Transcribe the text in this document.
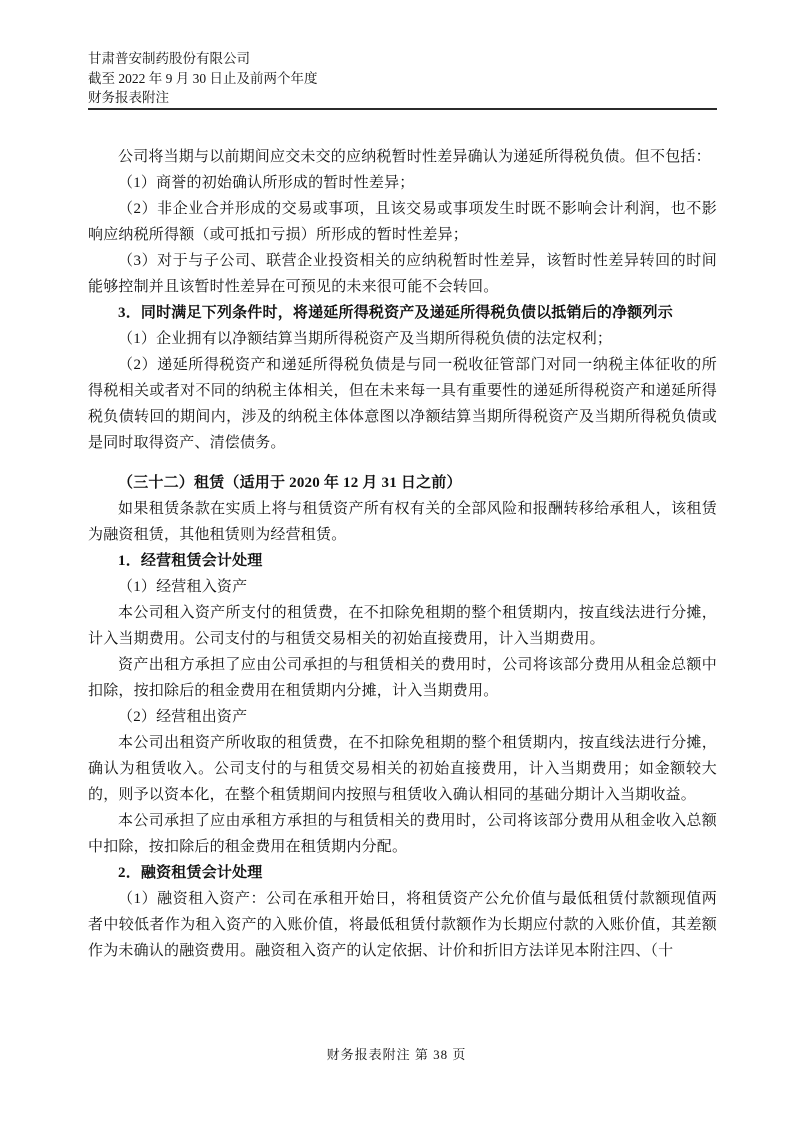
甘肃普安制药股份有限公司
截至 2022 年 9 月 30 日止及前两个年度
财务报表附注

公司将当期与以前期间应交未交的应纳税暂时性差异确认为递延所得税负债。但不包括：

（1）商誉的初始确认所形成的暂时性差异；

（2）非企业合并形成的交易或事项，且该交易或事项发生时既不影响会计利润，也不影响应纳税所得额（或可抵扣亏损）所形成的暂时性差异；

（3）对于与子公司、联营企业投资相关的应纳税暂时性差异，该暂时性差异转回的时间能够控制并且该暂时性差异在可预见的未来很可能不会转回。

3．同时满足下列条件时，将递延所得税资产及递延所得税负债以抵销后的净额列示

（1）企业拥有以净额结算当期所得税资产及当期所得税负债的法定权利；

（2）递延所得税资产和递延所得税负债是与同一税收征管部门对同一纳税主体征收的所得税相关或者对不同的纳税主体相关，但在未来每一具有重要性的递延所得税资产和递延所得税负债转回的期间内，涉及的纳税主体体意图以净额结算当期所得税资产及当期所得税负债或是同时取得资产、清偿债务。

（三十二）租赁（适用于 2020 年 12 月 31 日之前）

如果租赁条款在实质上将与租赁资产所有权有关的全部风险和报酬转移给承租人，该租赁为融资租赁，其他租赁则为经营租赁。

1．经营租赁会计处理

（1）经营租入资产

本公司租入资产所支付的租赁费，在不扣除免租期的整个租赁期内，按直线法进行分摊，计入当期费用。公司支付的与租赁交易相关的初始直接费用，计入当期费用。

资产出租方承担了应由公司承担的与租赁相关的费用时，公司将该部分费用从租金总额中扣除，按扣除后的租金费用在租赁期内分摊，计入当期费用。

（2）经营租出资产

本公司出租资产所收取的租赁费，在不扣除免租期的整个租赁期内，按直线法进行分摊，确认为租赁收入。公司支付的与租赁交易相关的初始直接费用，计入当期费用；如金额较大的，则予以资本化，在整个租赁期间内按照与租赁收入确认相同的基础分期计入当期收益。

本公司承担了应由承租方承担的与租赁相关的费用时，公司将该部分费用从租金收入总额中扣除，按扣除后的租金费用在租赁期内分配。

2．融资租赁会计处理

（1）融资租入资产：公司在承租开始日，将租赁资产公允价值与最低租赁付款额现值两者中较低者作为租入资产的入账价值，将最低租赁付款额作为长期应付款的入账价值，其差额作为未确认的融资费用。融资租入资产的认定依据、计价和折旧方法详见本附注四、（十

财务报表附注 第 38 页
